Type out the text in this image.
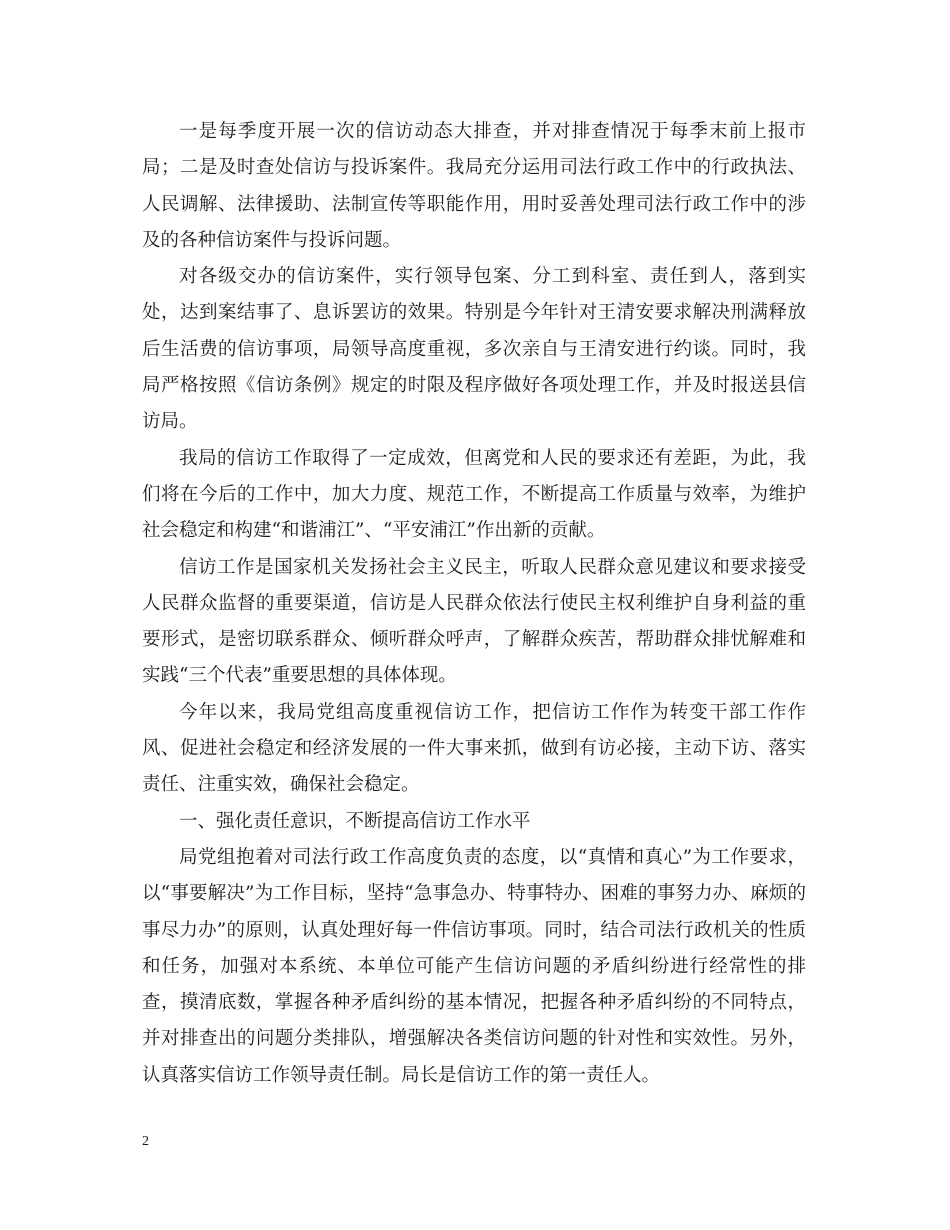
一是每季度开展一次的信访动态大排查，并对排查情况于每季末前上报市局；二是及时查处信访与投诉案件。我局充分运用司法行政工作中的行政执法、人民调解、法律援助、法制宣传等职能作用，用时妥善处理司法行政工作中的涉及的各种信访案件与投诉问题。

对各级交办的信访案件，实行领导包案、分工到科室、责任到人，落到实处，达到案结事了、息诉罢访的效果。特别是今年针对王清安要求解决刑满释放后生活费的信访事项，局领导高度重视，多次亲自与王清安进行约谈。同时，我局严格按照《信访条例》规定的时限及程序做好各项处理工作，并及时报送县信访局。

我局的信访工作取得了一定成效，但离党和人民的要求还有差距，为此，我们将在今后的工作中，加大力度、规范工作，不断提高工作质量与效率，为维护社会稳定和构建“和谐浦江”、“平安浦江”作出新的贡献。

信访工作是国家机关发扬社会主义民主，听取人民群众意见建议和要求接受人民群众监督的重要渠道，信访是人民群众依法行使民主权利维护自身利益的重要形式，是密切联系群众、倾听群众呼声，了解群众疾苦，帮助群众排忧解难和实践“三个代表”重要思想的具体体现。

今年以来，我局党组高度重视信访工作，把信访工作作为转变干部工作作风、促进社会稳定和经济发展的一件大事来抓，做到有访必接，主动下访、落实责任、注重实效，确保社会稳定。

一、强化责任意识，不断提高信访工作水平

局党组抱着对司法行政工作高度负责的态度，以“真情和真心”为工作要求，以“事要解决”为工作目标，坚持“急事急办、特事特办、困难的事努力办、麻烦的事尽力办”的原则，认真处理好每一件信访事项。同时，结合司法行政机关的性质和任务，加强对本系统、本单位可能产生信访问题的矛盾纠纷进行经常性的排查，摸清底数，掌握各种矛盾纠纷的基本情况，把握各种矛盾纠纷的不同特点，并对排查出的问题分类排队，增强解决各类信访问题的针对性和实效性。另外，认真落实信访工作领导责任制。局长是信访工作的第一责任人。

2
